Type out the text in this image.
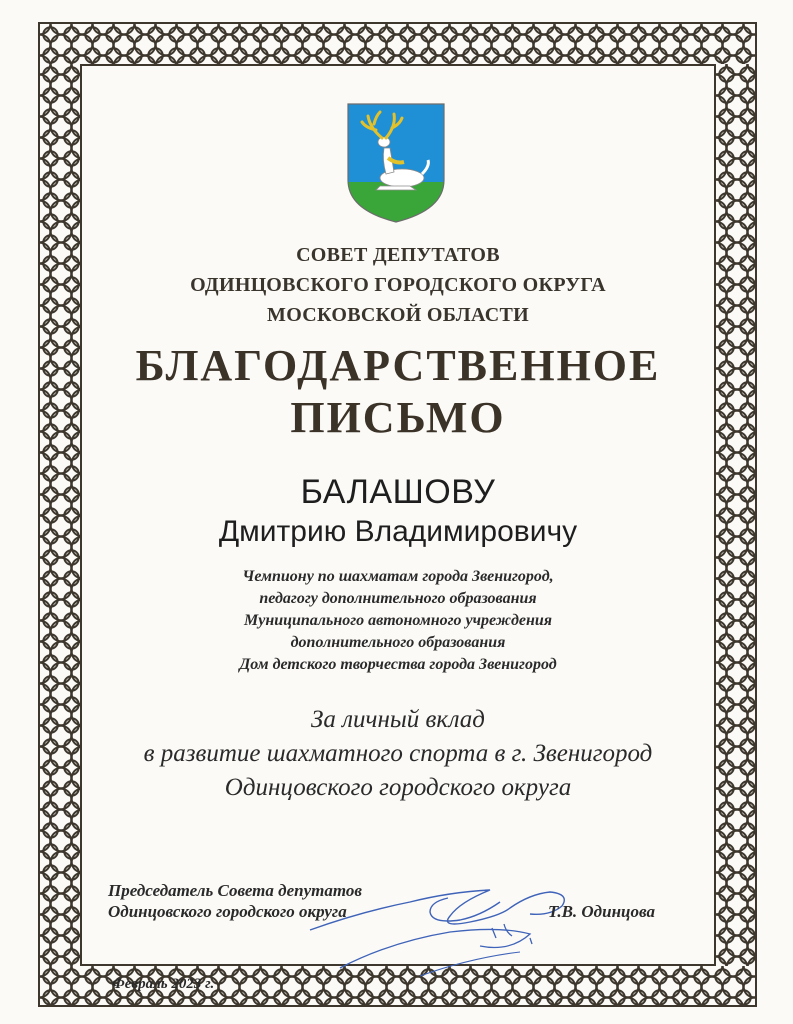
СОВЕТ ДЕПУТАТОВ
ОДИНЦОВСКОГО ГОРОДСКОГО ОКРУГА
МОСКОВСКОЙ ОБЛАСТИ
БЛАГОДАРСТВЕННОЕ
ПИСЬМО
БАЛАШОВУ
Дмитрию Владимировичу
Чемпиону по шахматам города Звенигород,
педагогу дополнительного образования
Муниципального автономного учреждения
дополнительного образования
Дом детского творчества города Звенигород
За личный вклад
в развитие шахматного спорта в г. Звенигород
Одинцовского городского округа
Председатель Совета депутатов
Одинцовского городского округа	Т.В. Одинцова
Февраль 2023 г.
